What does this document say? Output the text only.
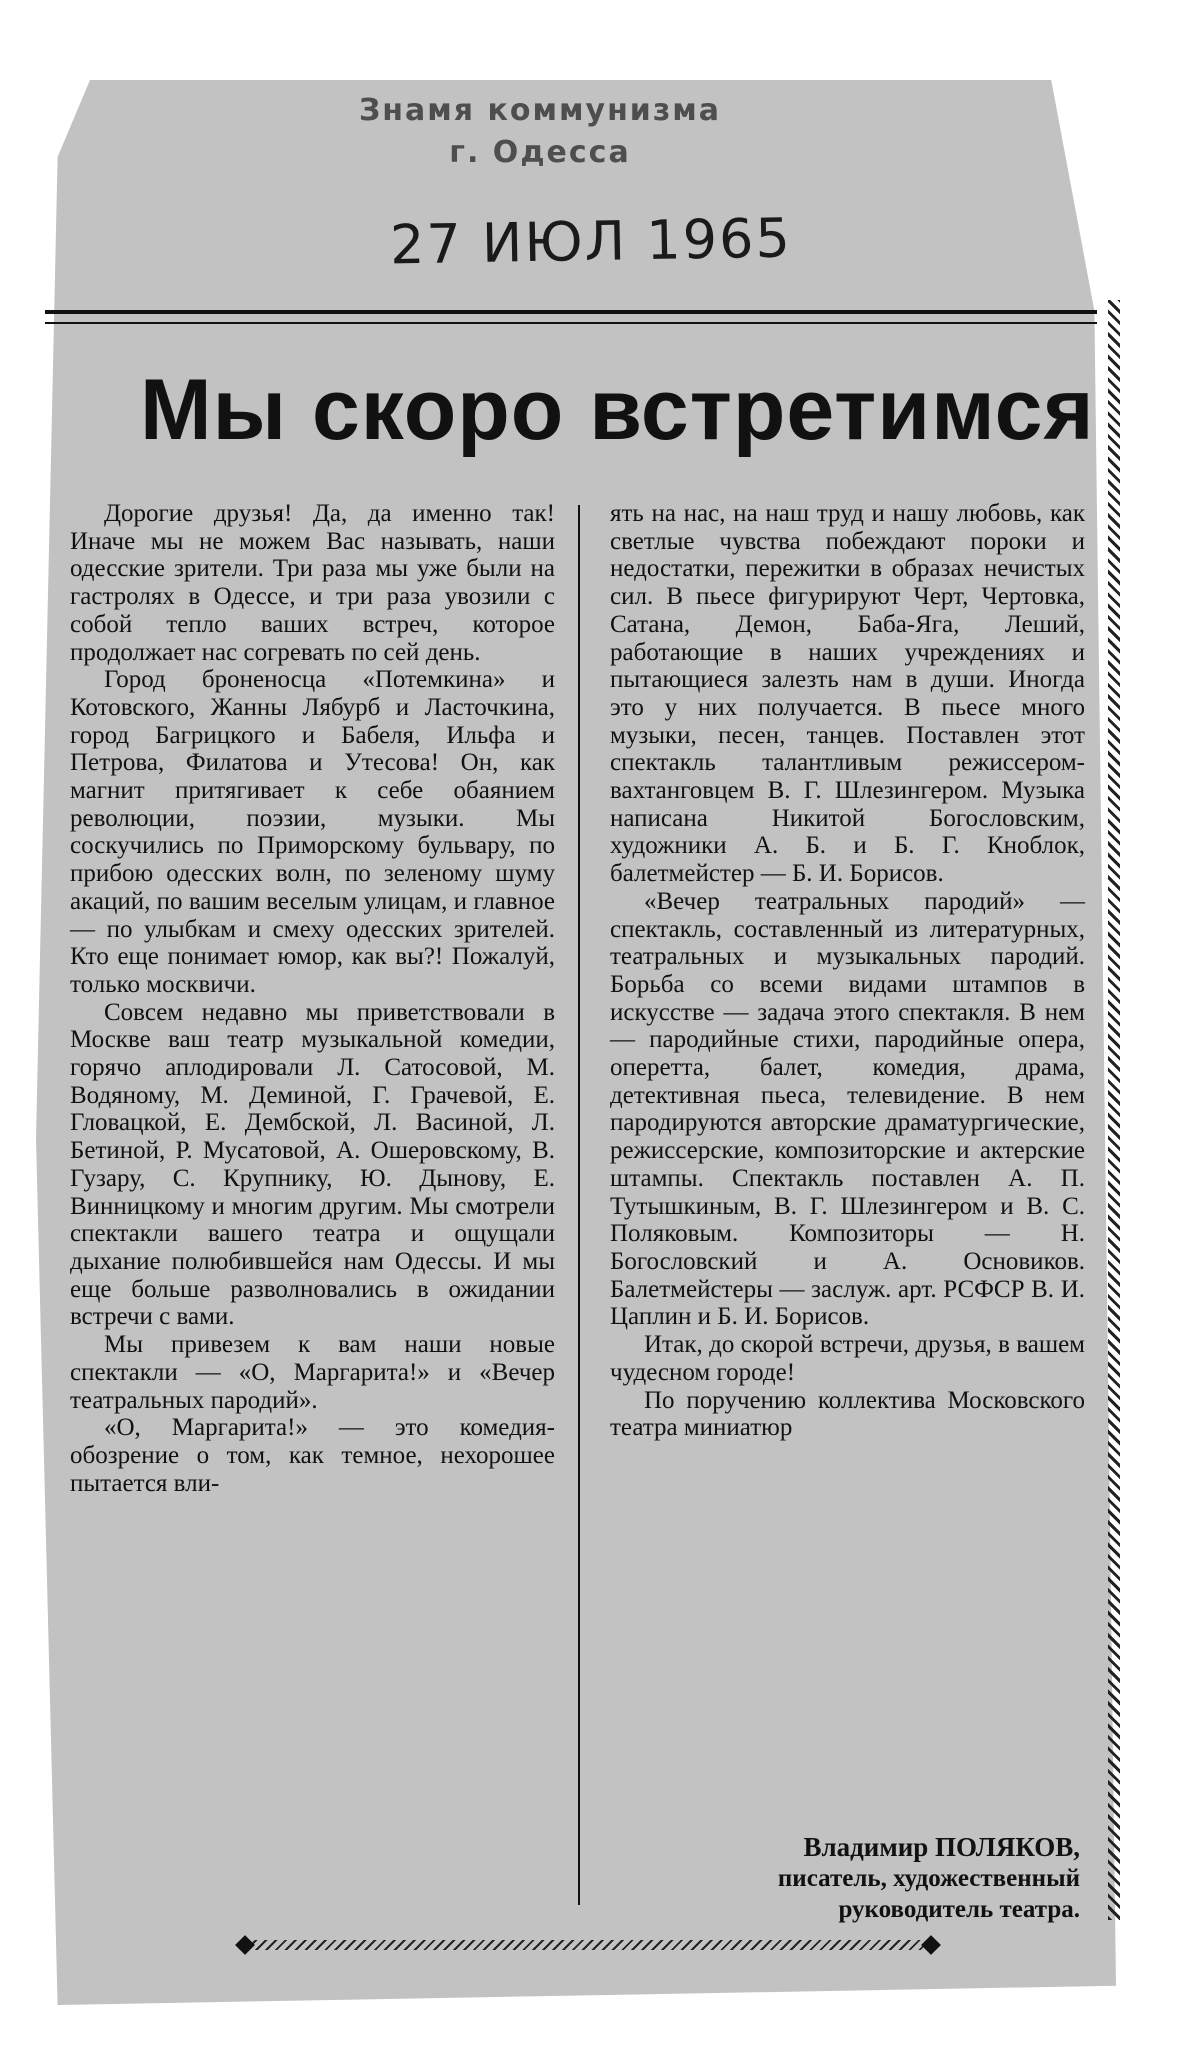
Знамя коммунизма
г. Одесса
27 ИЮЛ 1965
Мы скоро встретимся

Дорогие друзья! Да, да именно так! Иначе мы не можем Вас называть, наши одесские зрители. Три раза мы уже были на гастролях в Одессе, и три раза увозили с собой тепло ваших встреч, которое продолжает нас согревать по сей день.

Город броненосца «Потемкина» и Котовского, Жанны Лябурб и Ласточкина, город Багрицкого и Бабеля, Ильфа и Петрова, Филатова и Утесова! Он, как магнит притягивает к себе обаянием революции, поэзии, музыки. Мы соскучились по Приморскому бульвару, по прибою одесских волн, по зеленому шуму акаций, по вашим веселым улицам, и главное — по улыбкам и смеху одесских зрителей. Кто еще понимает юмор, как вы?! Пожалуй, только москвичи.

Совсем недавно мы приветствовали в Москве ваш театр музыкальной комедии, горячо аплодировали Л. Сатосовой, М. Водяному, М. Деминой, Г. Грачевой, Е. Гловацкой, Е. Дембской, Л. Васиной, Л. Бетиной, Р. Мусатовой, А. Ошеровскому, В. Гузару, С. Крупнику, Ю. Дынову, Е. Винницкому и многим другим. Мы смотрели спектакли вашего театра и ощущали дыхание полюбившейся нам Одессы. И мы еще больше разволновались в ожидании встречи с вами.

Мы привезем к вам наши новые спектакли — «О, Маргарита!» и «Вечер театральных пародий».

«О, Маргарита!» — это комедия-обозрение о том, как темное, нехорошее пытается вли-

ять на нас, на наш труд и нашу любовь, как светлые чувства побеждают пороки и недостатки, пережитки в образах нечистых сил. В пьесе фигурируют Черт, Чертовка, Сатана, Демон, Баба-Яга, Леший, работающие в наших учреждениях и пытающиеся залезть нам в души. Иногда это у них получается. В пьесе много музыки, песен, танцев. Поставлен этот спектакль талантливым режиссером-вахтанговцем В. Г. Шлезингером. Музыка написана Никитой Богословским, художники А. Б. и Б. Г. Кноблок, балетмейстер — Б. И. Борисов.

«Вечер театральных пародий» — спектакль, составленный из литературных, театральных и музыкальных пародий. Борьба со всеми видами штампов в искусстве — задача этого спектакля. В нем — пародийные стихи, пародийные опера, оперетта, балет, комедия, драма, детективная пьеса, телевидение. В нем пародируются авторские драматургические, режиссерские, композиторские и актерские штампы. Спектакль поставлен А. П. Тутышкиным, В. Г. Шлезингером и В. С. Поляковым. Композиторы — Н. Богословский и А. Основиков. Балетмейстеры — заслуж. арт. РСФСР В. И. Цаплин и Б. И. Борисов.

Итак, до скорой встречи, друзья, в вашем чудесном городе!

По поручению коллектива Московского театра миниатюр

Владимир ПОЛЯКОВ,
писатель, художественный
руководитель театра.
